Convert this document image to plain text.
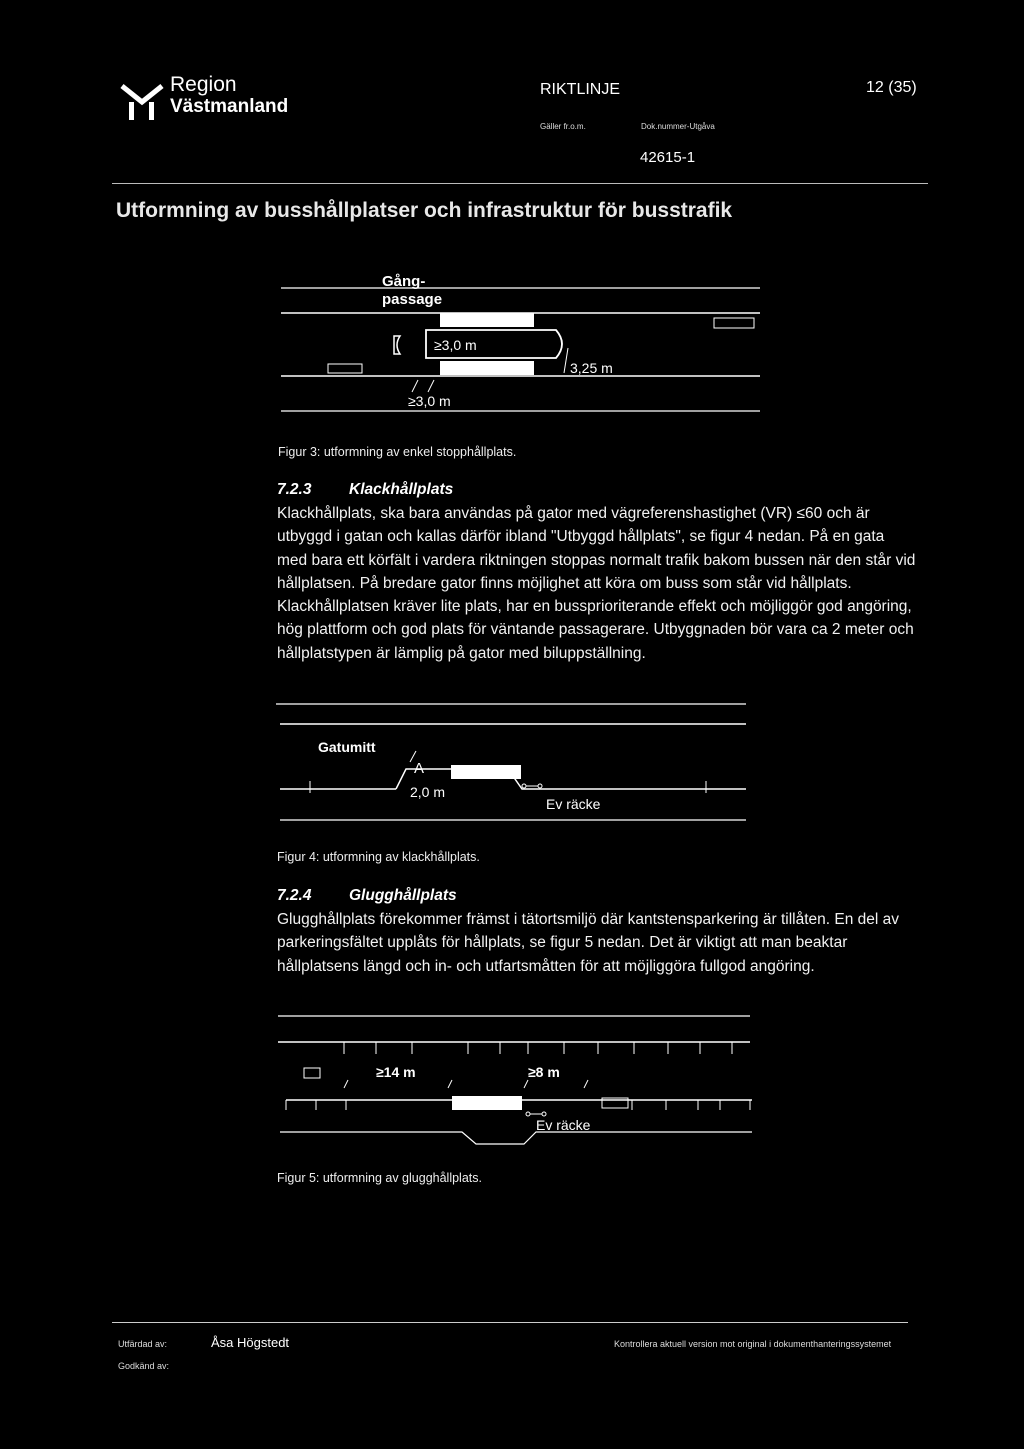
Region
Västmanland
RIKTLINJE	12 (35)
Gäller fr.o.m.	Dok.nummer-Utgåva
42615-1
Utformning av busshållplatser och infrastruktur för busstrafik
Gång-
passage
≥3,0 m
3,25 m
≥3,0 m
Figur 3: utformning av enkel stopphållplats.
7.2.3 Klackhållplats

Klackhållplats, ska bara användas på gator med vägreferenshastighet (VR) ≤60 och är utbyggd i gatan och kallas därför ibland "Utbyggd hållplats", se figur 4 nedan. På en gata med bara ett körfält i vardera riktningen stoppas normalt trafik bakom bussen när den står vid hållplatsen. På bredare gator finns möjlighet att köra om buss som står vid hållplats. Klackhållplatsen kräver lite plats, har en bussprioriterande effekt och möjliggör god angöring, hög plattform och god plats för väntande passagerare. Utbyggnaden bör vara ca 2 meter och hållplatstypen är lämplig på gator med biluppställning.

Gatumitt
A
2,0 m
Ev räcke
Figur 4: utformning av klackhållplats.
7.2.4 Glugghållplats

Glugghållplats förekommer främst i tätortsmiljö där kantstensparkering är tillåten. En del av parkeringsfältet upplåts för hållplats, se figur 5 nedan. Det är viktigt att man beaktar hållplatsens längd och in- och utfartsmåtten för att möjliggöra fullgod angöring.

≥14 m	≥8 m
Ev räcke
Figur 5: utformning av glugghållplats.
Utfärdad av:	Åsa Högstedt
Godkänd av:
Kontrollera aktuell version mot original i dokumenthanteringssystemet
